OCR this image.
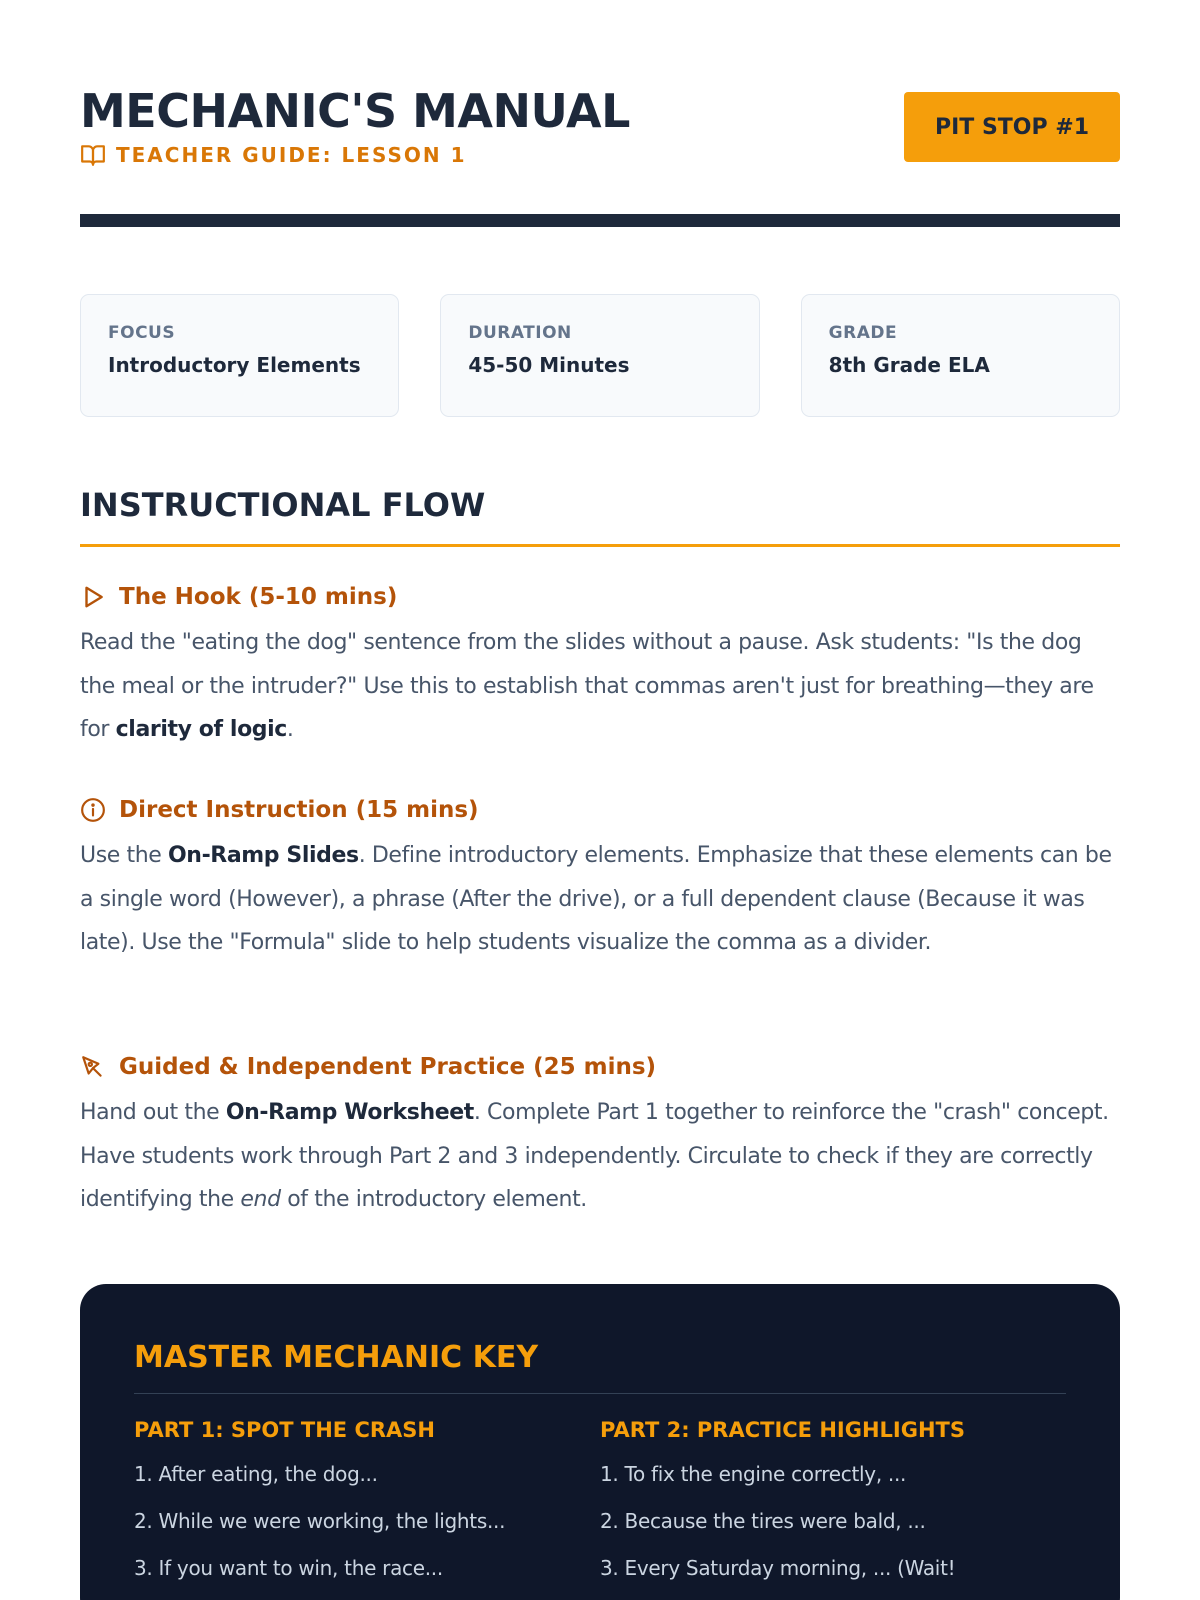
MECHANIC'S MANUAL
TEACHER GUIDE: LESSON 1
PIT STOP #1
FOCUS
Introductory Elements
DURATION
45-50 Minutes
GRADE
8th Grade ELA
INSTRUCTIONAL FLOW
The Hook (5-10 mins)
Read the "eating the dog" sentence from the slides without a pause. Ask students: "Is the dog the meal or the intruder?" Use this to establish that commas aren't just for breathing—they are for clarity of logic.
Direct Instruction (15 mins)
Use the On-Ramp Slides. Define introductory elements. Emphasize that these elements can be a single word (However), a phrase (After the drive), or a full dependent clause (Because it was late). Use the "Formula" slide to help students visualize the comma as a divider.
Guided & Independent Practice (25 mins)
Hand out the On-Ramp Worksheet. Complete Part 1 together to reinforce the "crash" concept. Have students work through Part 2 and 3 independently. Circulate to check if they are correctly identifying the end of the introductory element.
MASTER MECHANIC KEY
PART 1: SPOT THE CRASH
1. After eating, the dog...
2. While we were working, the lights...
3. If you want to win, the race...
PART 2: PRACTICE HIGHLIGHTS
1. To fix the engine correctly, ...
2. Because the tires were bald, ...
3. Every Saturday morning, ... (Wait!
